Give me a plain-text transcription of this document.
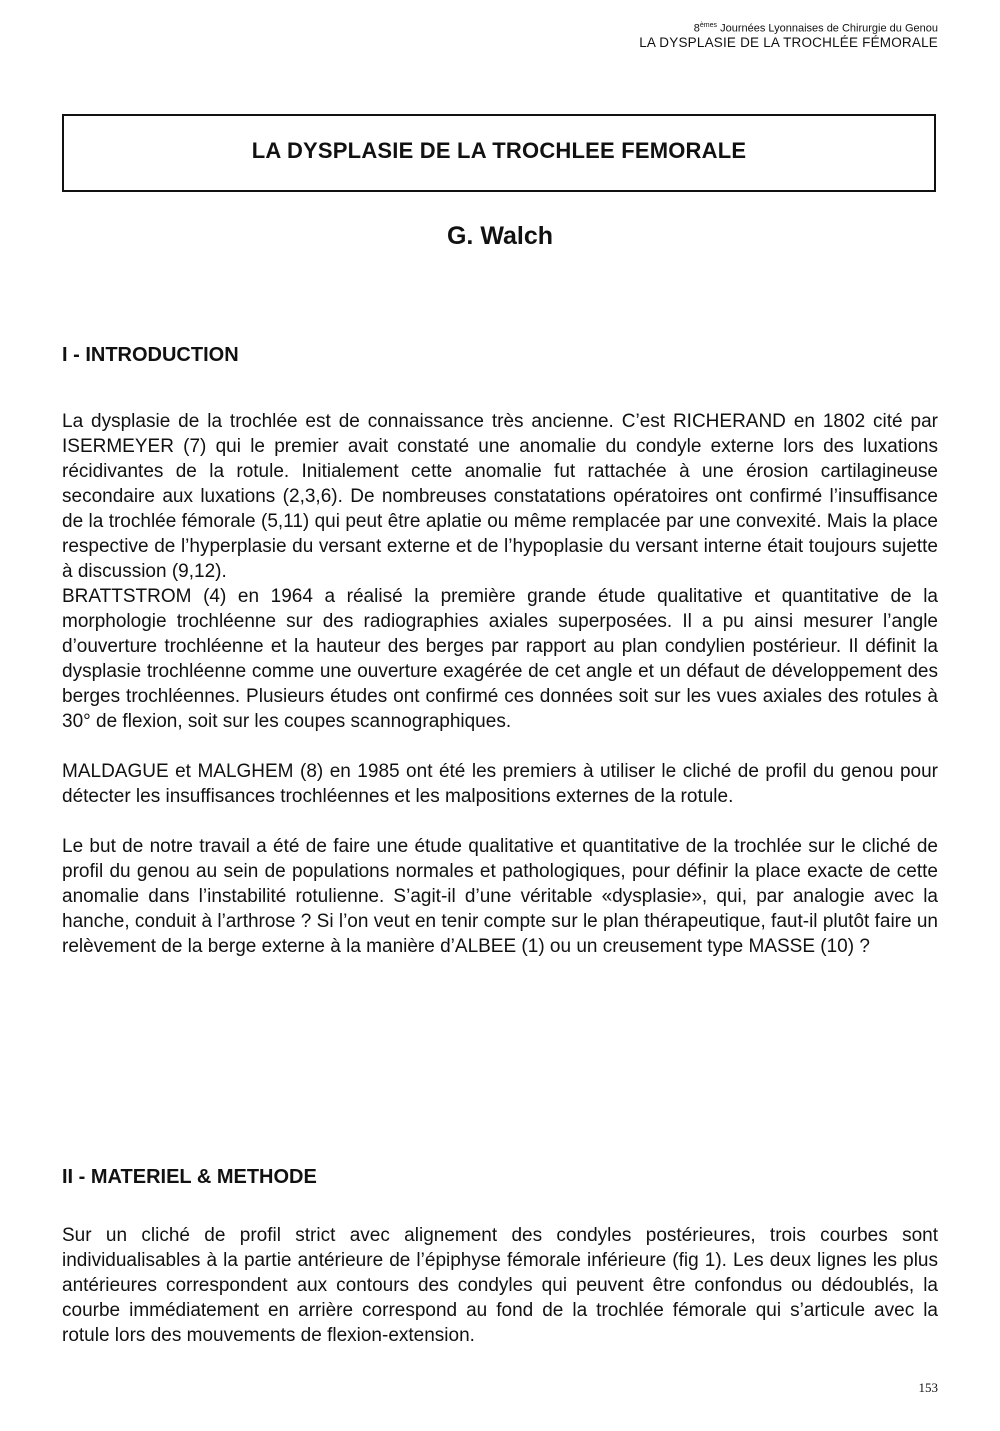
8èmes Journées Lyonnaises de Chirurgie du Genou
LA DYSPLASIE DE LA TROCHLÉE FÉMORALE
LA DYSPLASIE DE LA TROCHLEE FEMORALE
G. Walch
I - INTRODUCTION

La dysplasie de la trochlée est de connaissance très ancienne. C’est RICHERAND en 1802 cité par ISERMEYER (7) qui le premier avait constaté une anomalie du condyle externe lors des luxations récidivantes de la rotule. Initialement cette anomalie fut rattachée à une érosion cartilagineuse secondaire aux luxations (2,3,6). De nombreuses constatations opératoires ont confirmé l’insuffisance de la trochlée fémorale (5,11) qui peut être aplatie ou même remplacée par une convexité. Mais la place respective de l’hyperplasie du versant externe et de l’hypoplasie du versant interne était toujours sujette à discussion (9,12).

BRATTSTROM (4) en 1964 a réalisé la première grande étude qualitative et quantitative de la morphologie trochléenne sur des radiographies axiales superposées. Il a pu ainsi mesurer l’angle d’ouverture trochléenne et la hauteur des berges par rapport au plan condylien postérieur. Il définit la dysplasie trochléenne comme une ouverture exagérée de cet angle et un défaut de développement des berges trochléennes. Plusieurs études ont confirmé ces données soit sur les vues axiales des rotules à 30° de flexion, soit sur les coupes scannographiques.

MALDAGUE et MALGHEM (8) en 1985 ont été les premiers à utiliser le cliché de profil du genou pour détecter les insuffisances trochléennes et les malpositions externes de la rotule.

Le but de notre travail a été de faire une étude qualitative et quantitative de la trochlée sur le cliché de profil du genou au sein de populations normales et pathologiques, pour définir la place exacte de cette anomalie dans l’instabilité rotulienne. S’agit-il d’une véritable «dysplasie», qui, par analogie avec la hanche, conduit à l’arthrose ? Si l’on veut en tenir compte sur le plan thérapeutique, faut-il plutôt faire un relèvement de la berge externe à la manière d’ALBEE (1) ou un creusement type MASSE (10) ?

II - MATERIEL & METHODE

Sur un cliché de profil strict avec alignement des condyles postérieures, trois courbes sont individualisables à la partie antérieure de l’épiphyse fémorale inférieure (fig 1). Les deux lignes les plus antérieures correspondent aux contours des condyles qui peuvent être confondus ou dédoublés, la courbe immédiatement en arrière correspond au fond de la trochlée fémorale qui s’articule avec la rotule lors des mouvements de flexion-extension.

153
